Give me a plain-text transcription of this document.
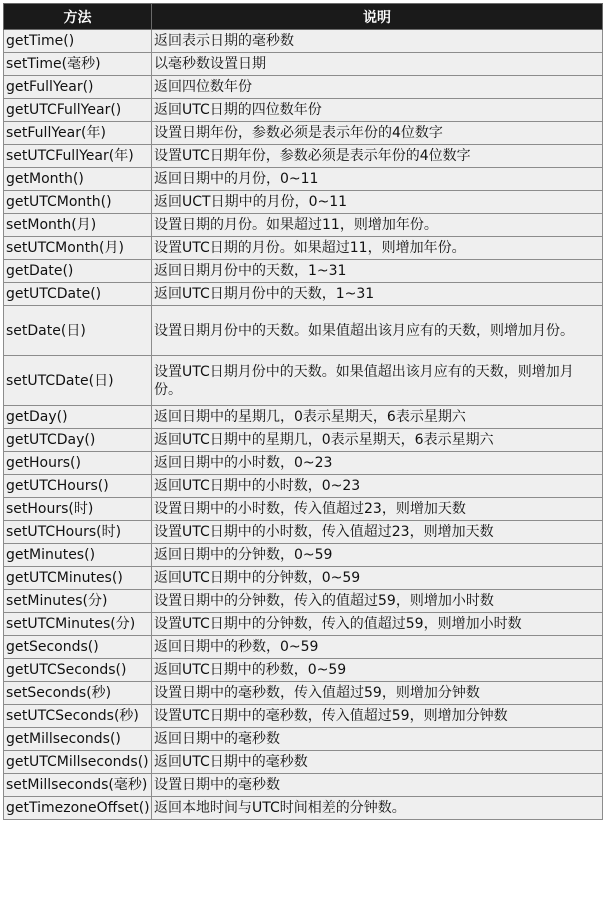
方法	说明
getTime()	返回表示日期的毫秒数
setTime(毫秒)	以毫秒数设置日期
getFullYear()	返回四位数年份
getUTCFullYear()	返回UTC日期的四位数年份
setFullYear(年)	设置日期年份，参数必须是表示年份的4位数字
setUTCFullYear(年)	设置UTC日期年份，参数必须是表示年份的4位数字
getMonth()	返回日期中的月份，0~11
getUTCMonth()	返回UCT日期中的月份，0~11
setMonth(月)	设置日期的月份。如果超过11，则增加年份。
setUTCMonth(月)	设置UTC日期的月份。如果超过11，则增加年份。
getDate()	返回日期月份中的天数，1~31
getUTCDate()	返回UTC日期月份中的天数，1~31
setDate(日)	设置日期月份中的天数。如果值超出该月应有的天数，则增加月份。
setUTCDate(日)	设置UTC日期月份中的天数。如果值超出该月应有的天数，则增加月份。
getDay()	返回日期中的星期几，0表示星期天，6表示星期六
getUTCDay()	返回UTC日期中的星期几，0表示星期天，6表示星期六
getHours()	返回日期中的小时数，0~23
getUTCHours()	返回UTC日期中的小时数，0~23
setHours(时)	设置日期中的小时数，传入值超过23，则增加天数
setUTCHours(时)	设置UTC日期中的小时数，传入值超过23，则增加天数
getMinutes()	返回日期中的分钟数，0~59
getUTCMinutes()	返回UTC日期中的分钟数，0~59
setMinutes(分)	设置日期中的分钟数，传入的值超过59，则增加小时数
setUTCMinutes(分)	设置UTC日期中的分钟数，传入的值超过59，则增加小时数
getSeconds()	返回日期中的秒数，0~59
getUTCSeconds()	返回UTC日期中的秒数，0~59
setSeconds(秒)	设置日期中的毫秒数，传入值超过59，则增加分钟数
setUTCSeconds(秒)	设置UTC日期中的毫秒数，传入值超过59，则增加分钟数
getMillseconds()	返回日期中的毫秒数
getUTCMillseconds()	返回UTC日期中的毫秒数
setMillseconds(毫秒)	设置日期中的毫秒数
getTimezoneOffset()	返回本地时间与UTC时间相差的分钟数。
